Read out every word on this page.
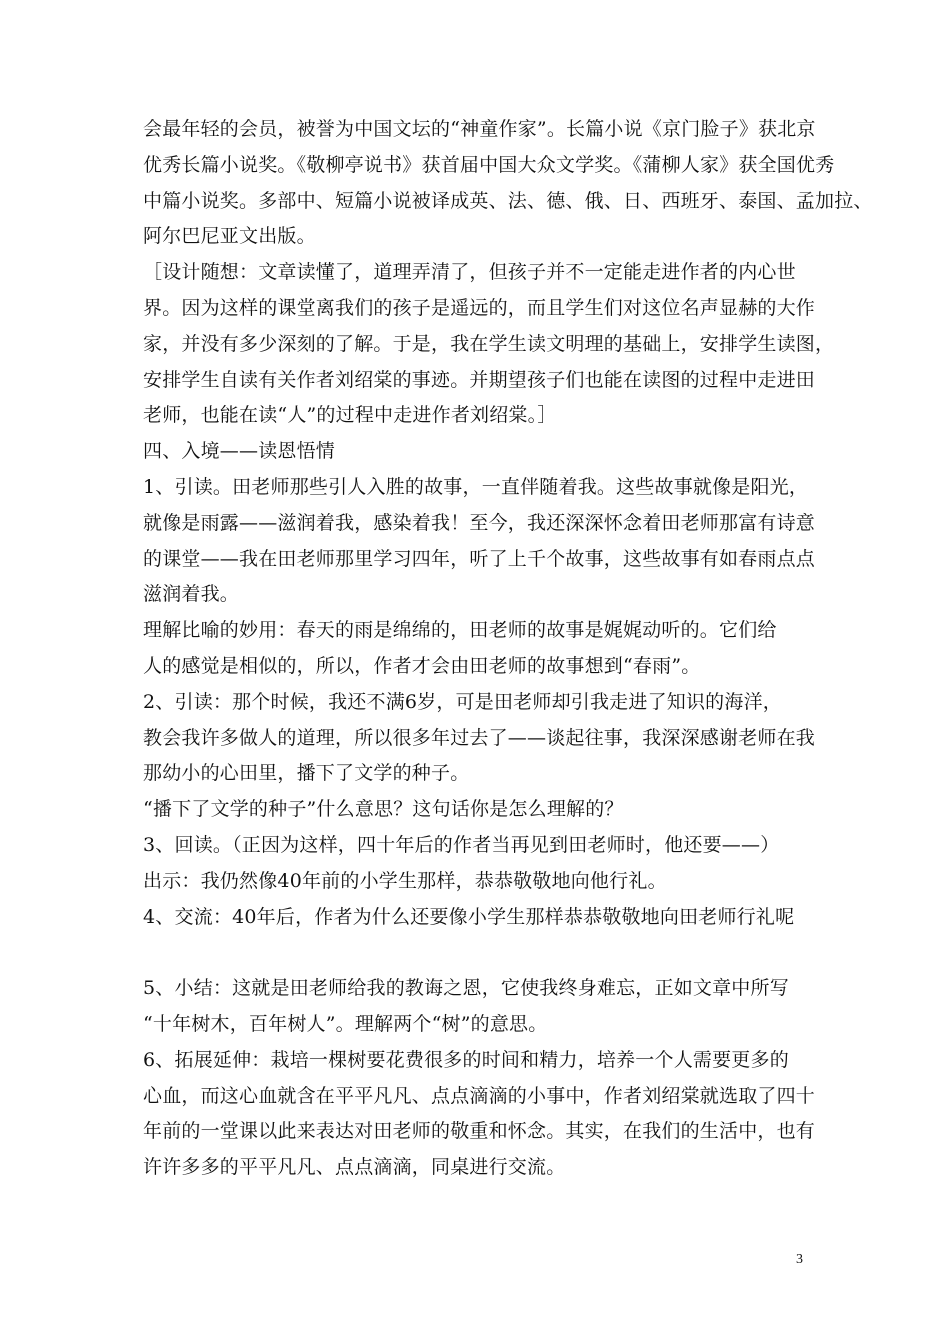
会最年轻的会员，被誉为中国文坛的“神童作家”。长篇小说《京门脸子》获北京
优秀长篇小说奖。《敬柳亭说书》获首届中国大众文学奖。《蒲柳人家》获全国优秀
中篇小说奖。多部中、短篇小说被译成英、法、德、俄、日、西班牙、泰国、孟加拉、
阿尔巴尼亚文出版。
［设计随想：文章读懂了，道理弄清了，但孩子并不一定能走进作者的内心世
界。因为这样的课堂离我们的孩子是遥远的，而且学生们对这位名声显赫的大作
家，并没有多少深刻的了解。于是，我在学生读文明理的基础上，安排学生读图，
安排学生自读有关作者刘绍棠的事迹。并期望孩子们也能在读图的过程中走进田
老师，也能在读“人”的过程中走进作者刘绍棠。］
四、入境——读恩悟情
1、引读。田老师那些引人入胜的故事，一直伴随着我。这些故事就像是阳光，
就像是雨露——滋润着我，感染着我！至今，我还深深怀念着田老师那富有诗意
的课堂——我在田老师那里学习四年，听了上千个故事，这些故事有如春雨点点
滋润着我。
理解比喻的妙用：春天的雨是绵绵的，田老师的故事是娓娓动听的。它们给
人的感觉是相似的，所以，作者才会由田老师的故事想到“春雨”。
2、引读：那个时候，我还不满6岁，可是田老师却引我走进了知识的海洋，
教会我许多做人的道理，所以很多年过去了——谈起往事，我深深感谢老师在我
那幼小的心田里，播下了文学的种子。
“播下了文学的种子”什么意思？这句话你是怎么理解的？
3、回读。（正因为这样，四十年后的作者当再见到田老师时，他还要——）
出示：我仍然像40年前的小学生那样，恭恭敬敬地向他行礼。
4、交流：40年后，作者为什么还要像小学生那样恭恭敬敬地向田老师行礼呢
5、小结：这就是田老师给我的教诲之恩，它使我终身难忘，正如文章中所写
“十年树木，百年树人”。理解两个“树”的意思。
6、拓展延伸：栽培一棵树要花费很多的时间和精力，培养一个人需要更多的
心血，而这心血就含在平平凡凡、点点滴滴的小事中，作者刘绍棠就选取了四十
年前的一堂课以此来表达对田老师的敬重和怀念。其实，在我们的生活中，也有
许许多多的平平凡凡、点点滴滴，同桌进行交流。
3
